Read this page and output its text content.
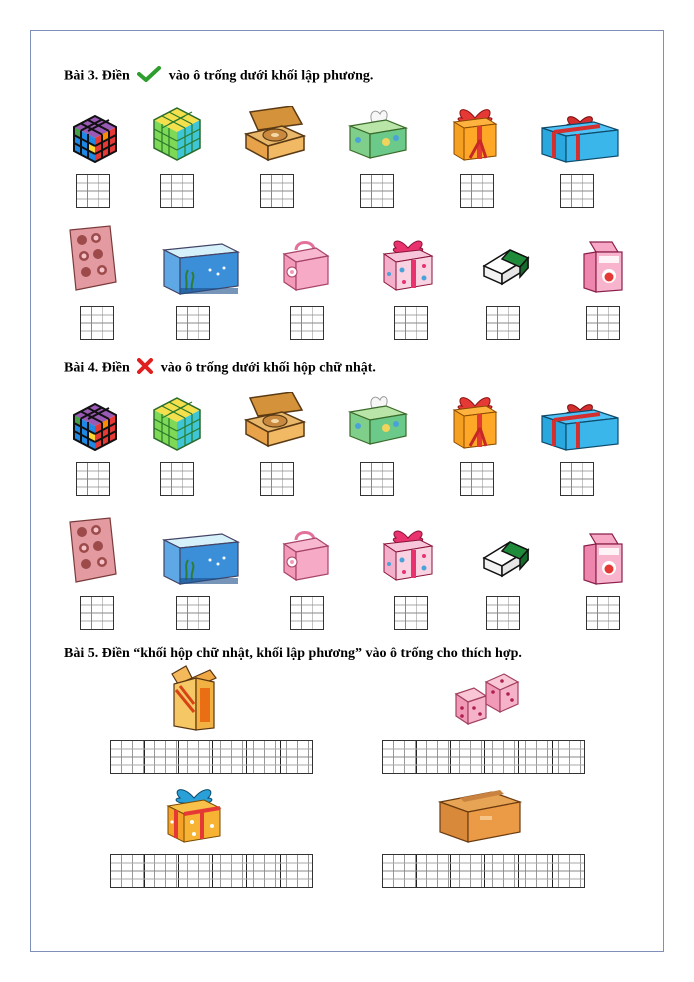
Bài 3. Điền	vào ô trống dưới khối lập phương.
Bài 4. Điền vào ô trống dưới khối hộp chữ nhật.
Bài 5. Điền “khối hộp chữ nhật, khối lập phương” vào ô trống cho thích hợp.
